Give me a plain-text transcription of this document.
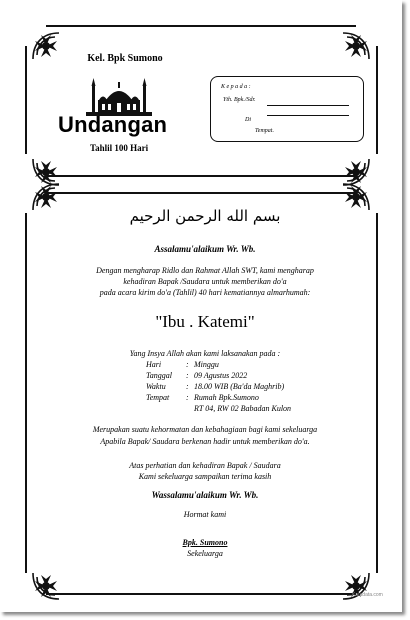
Kel. Bpk Sumono
Undangan
Tahlil 100 Hari
K e p a d a :
Yth. Bpk./Sdr.
Di
Tempat.
بسم الله الرحمن الرحيم
Assalamu'alaikum Wr. Wb.
Dengan mengharap Ridlo dan Rahmat Allah SWT, kami mengharap
kehadiran Bapak /Saudara untuk memberikan do'a
pada acara kirim do'a (Tahlil) 40 hari kematiannya almarhumah:
"Ibu . Katemi"
Yang Insya Allah akan kami laksanakan pada :
Hari	: Minggu
Tanggal : 09 Agustus 2022
Waktu	: 18.00 WIB (Ba'da Maghrib)
Tempat : Rumah Bpk.Sumono
RT 04, RW 02 Babadan Kulon
Merupakan suatu kehormatan dan kebahagiaan bagi kami sekeluarga
Apabila Bapak/ Saudara berkenan hadir untuk memberikan do'a.
Atas perhatian dan kehadiran Bapak / Saudara
Kami sekeluarga sampaikan terima kasih
Wassalamu'alaikum Wr. Wb.
Hormat kami
Bpk. Sumono
Sekeluarga
Katadata.com
